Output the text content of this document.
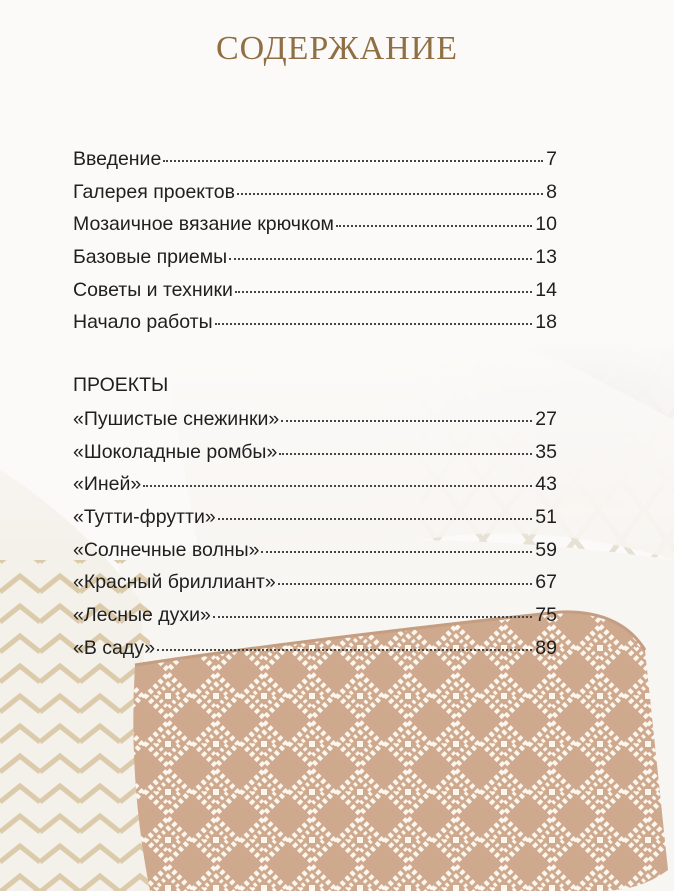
СОДЕРЖАНИЕ
Введение	7
Галерея проектов	8
Мозаичное вязание крючком	10
Базовые приемы	13
Советы и техники	14
Начало работы	18
ПРОЕКТЫ
«Пушистые снежинки»	27
«Шоколадные ромбы»	35
«Иней»	43
«Тутти-фрутти»	51
«Солнечные волны»	59
«Красный бриллиант»	67
«Лесные духи»	75
«В саду»	89
